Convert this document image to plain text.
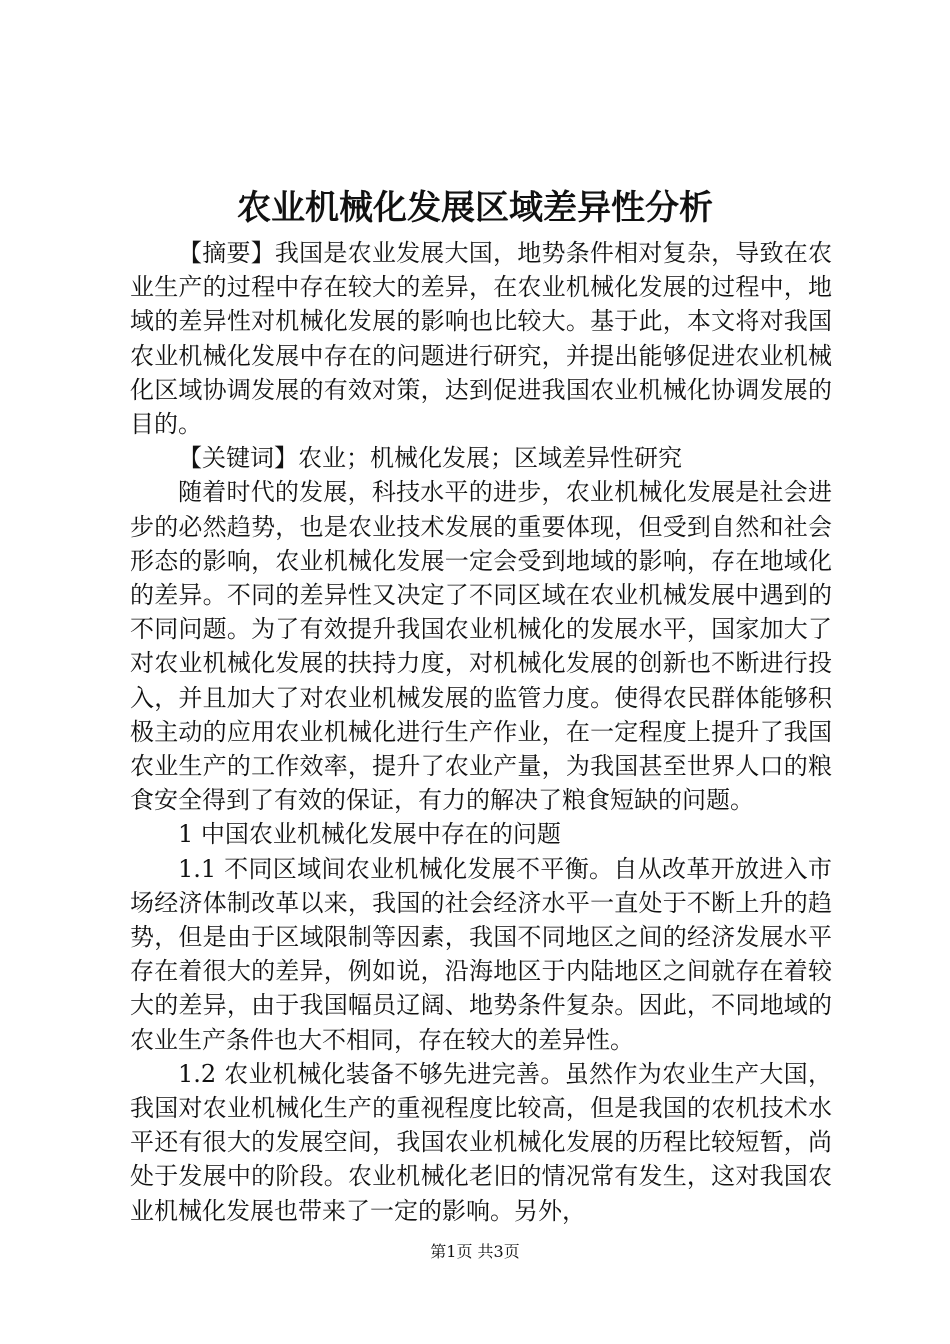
农业机械化发展区域差异性分析

【摘要】我国是农业发展大国，地势条件相对复杂，导致在农业生产的过程中存在较大的差异，在农业机械化发展的过程中，地域的差异性对机械化发展的影响也比较大。基于此，本文将对我国农业机械化发展中存在的问题进行研究，并提出能够促进农业机械化区域协调发展的有效对策，达到促进我国农业机械化协调发展的目的。

【关键词】农业；机械化发展；区域差异性研究

随着时代的发展，科技水平的进步，农业机械化发展是社会进步的必然趋势，也是农业技术发展的重要体现，但受到自然和社会形态的影响，农业机械化发展一定会受到地域的影响，存在地域化的差异。不同的差异性又决定了不同区域在农业机械发展中遇到的不同问题。为了有效提升我国农业机械化的发展水平，国家加大了对农业机械化发展的扶持力度，对机械化发展的创新也不断进行投入，并且加大了对农业机械发展的监管力度。使得农民群体能够积极主动的应用农业机械化进行生产作业，在一定程度上提升了我国农业生产的工作效率，提升了农业产量，为我国甚至世界人口的粮食安全得到了有效的保证，有力的解决了粮食短缺的问题。

1 中国农业机械化发展中存在的问题

1.1 不同区域间农业机械化发展不平衡。自从改革开放进入市场经济体制改革以来，我国的社会经济水平一直处于不断上升的趋势，但是由于区域限制等因素，我国不同地区之间的经济发展水平存在着很大的差异，例如说，沿海地区于内陆地区之间就存在着较大的差异，由于我国幅员辽阔、地势条件复杂。因此，不同地域的农业生产条件也大不相同，存在较大的差异性。

1.2 农业机械化装备不够先进完善。虽然作为农业生产大国，我国对农业机械化生产的重视程度比较高，但是我国的农机技术水平还有很大的发展空间，我国农业机械化发展的历程比较短暂，尚处于发展中的阶段。农业机械化老旧的情况常有发生，这对我国农业机械化发展也带来了一定的影响。另外，

第1页 共3页
